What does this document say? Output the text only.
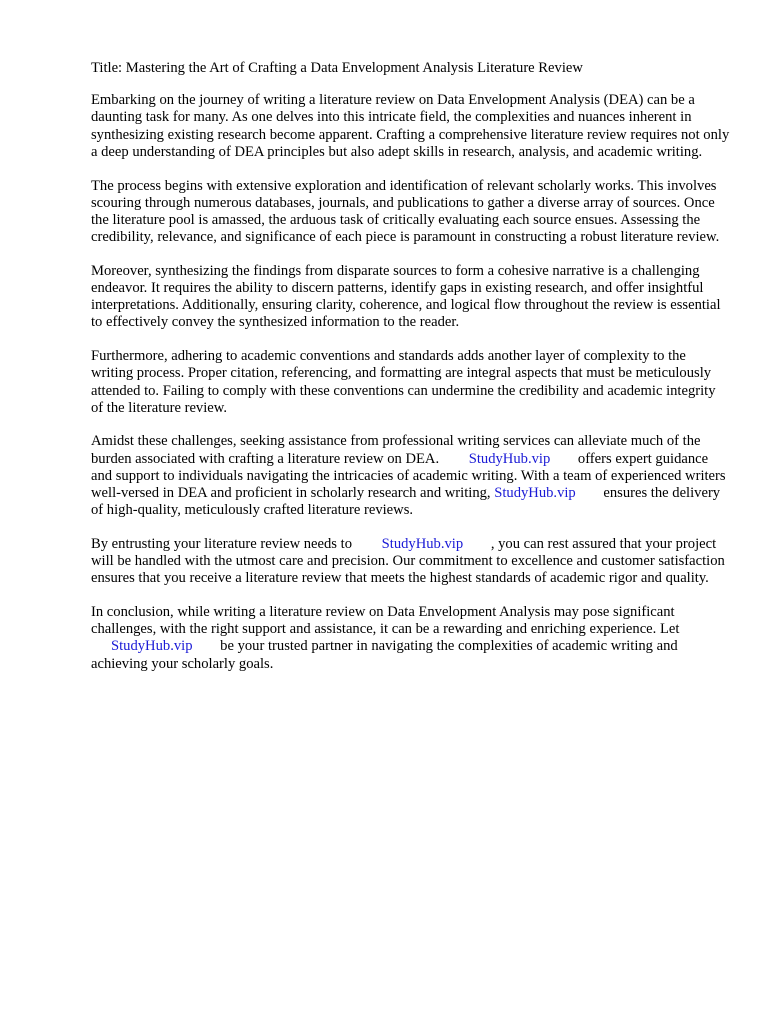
Title: Mastering the Art of Crafting a Data Envelopment Analysis Literature Review

Embarking on the journey of writing a literature review on Data Envelopment Analysis (DEA) can be a daunting task for many. As one delves into this intricate field, the complexities and nuances inherent in synthesizing existing research become apparent. Crafting a comprehensive literature review requires not only a deep understanding of DEA principles but also adept skills in research, analysis, and academic writing.

The process begins with extensive exploration and identification of relevant scholarly works. This involves scouring through numerous databases, journals, and publications to gather a diverse array of sources. Once the literature pool is amassed, the arduous task of critically evaluating each source ensues. Assessing the credibility, relevance, and significance of each piece is paramount in constructing a robust literature review.

Moreover, synthesizing the findings from disparate sources to form a cohesive narrative is a challenging endeavor. It requires the ability to discern patterns, identify gaps in existing research, and offer insightful interpretations. Additionally, ensuring clarity, coherence, and logical flow throughout the review is essential to effectively convey the synthesized information to the reader.

Furthermore, adhering to academic conventions and standards adds another layer of complexity to the writing process. Proper citation, referencing, and formatting are integral aspects that must be meticulously attended to. Failing to comply with these conventions can undermine the credibility and academic integrity of the literature review.

Amidst these challenges, seeking assistance from professional writing services can alleviate much of the burden associated with crafting a literature review on DEA. StudyHub.vip offers expert guidance and support to individuals navigating the intricacies of academic writing. With a team of experienced writers well-versed in DEA and proficient in scholarly research and writing, StudyHub.vip ensures the delivery of high-quality, meticulously crafted literature reviews.

By entrusting your literature review needs to StudyHub.vip , you can rest assured that your project will be handled with the utmost care and precision. Our commitment to excellence and customer satisfaction ensures that you receive a literature review that meets the highest standards of academic rigor and quality.

In conclusion, while writing a literature review on Data Envelopment Analysis may pose significant challenges, with the right support and assistance, it can be a rewarding and enriching experience. Let StudyHub.vip be your trusted partner in navigating the complexities of academic writing and achieving your scholarly goals.
